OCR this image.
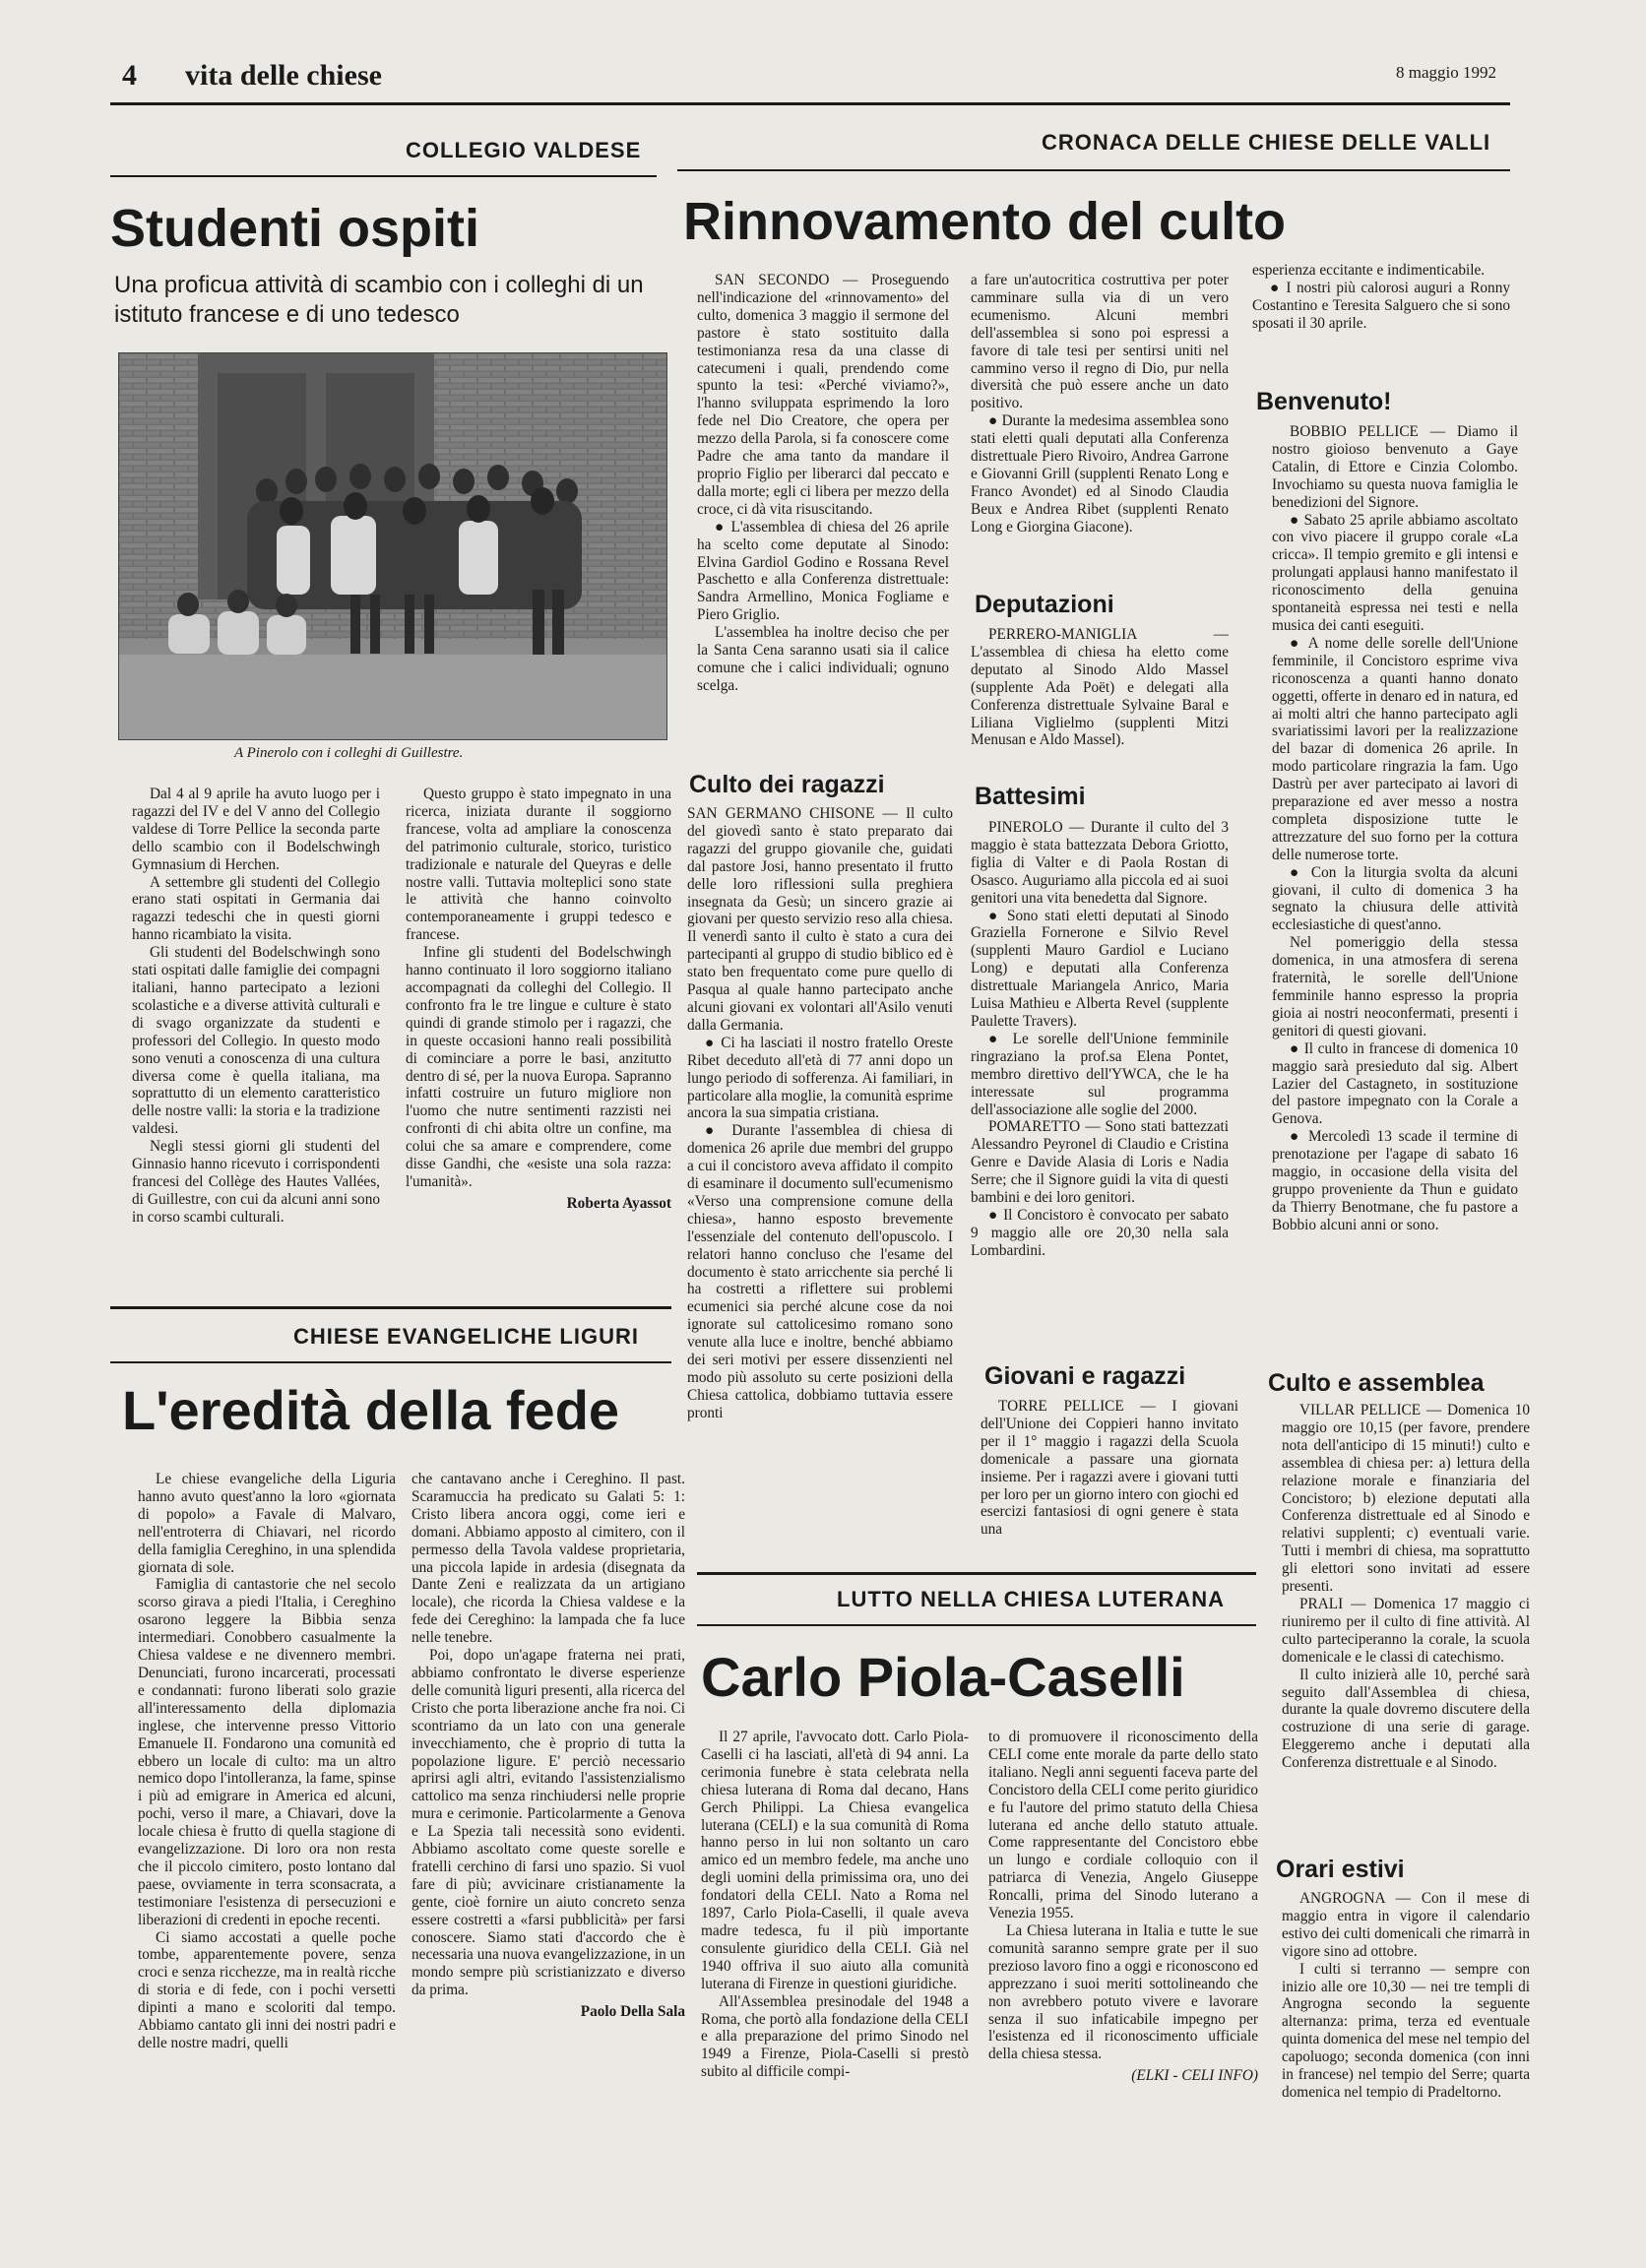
4 vita delle chiese	8 maggio 1992
COLLEGIO VALDESE
Studenti ospiti
Una proficua attività di scambio con i colleghi di un istituto francese e di uno tedesco
A Pinerolo con i colleghi di Guillestre.

Dal 4 al 9 aprile ha avuto luogo per i ragazzi del IV e del V anno del Collegio valdese di Torre Pellice la seconda parte dello scambio con il Bodelschwingh Gymnasium di Herchen.

A settembre gli studenti del Collegio erano stati ospitati in Germania dai ragazzi tedeschi che in questi giorni hanno ricambiato la visita.

Gli studenti del Bodelschwingh sono stati ospitati dalle famiglie dei compagni italiani, hanno partecipato a lezioni scolastiche e a diverse attività culturali e di svago organizzate da studenti e professori del Collegio. In questo modo sono venuti a conoscenza di una cultura diversa come è quella italiana, ma soprattutto di un elemento caratteristico delle nostre valli: la storia e la tradizione valdesi.

Negli stessi giorni gli studenti del Ginnasio hanno ricevuto i corrispondenti francesi del Collège des Hautes Vallées, di Guillestre, con cui da alcuni anni sono in corso scambi culturali.

Questo gruppo è stato impegnato in una ricerca, iniziata durante il soggiorno francese, volta ad ampliare la conoscenza del patrimonio culturale, storico, turistico tradizionale e naturale del Queyras e delle nostre valli. Tuttavia molteplici sono state le attività che hanno coinvolto contemporaneamente i gruppi tedesco e francese.

Infine gli studenti del Bodelschwingh hanno continuato il loro soggiorno italiano accompagnati da colleghi del Collegio. Il confronto fra le tre lingue e culture è stato quindi di grande stimolo per i ragazzi, che in queste occasioni hanno reali possibilità di cominciare a porre le basi, anzitutto dentro di sé, per la nuova Europa. Sapranno infatti costruire un futuro migliore non l'uomo che nutre sentimenti razzisti nei confronti di chi abita oltre un confine, ma colui che sa amare e comprendere, come disse Gandhi, che «esiste una sola razza: l'umanità».

Roberta Ayassot

CHIESE EVANGELICHE LIGURI
L'eredità della fede

Le chiese evangeliche della Liguria hanno avuto quest'anno la loro «giornata di popolo» a Favale di Malvaro, nell'entroterra di Chiavari, nel ricordo della famiglia Cereghino, in una splendida giornata di sole.

Famiglia di cantastorie che nel secolo scorso girava a piedi l'Italia, i Cereghino osarono leggere la Bibbia senza intermediari. Conobbero casualmente la Chiesa valdese e ne divennero membri. Denunciati, furono incarcerati, processati e condannati: furono liberati solo grazie all'interessamento della diplomazia inglese, che intervenne presso Vittorio Emanuele II. Fondarono una comunità ed ebbero un locale di culto: ma un altro nemico dopo l'intolleranza, la fame, spinse i più ad emigrare in America ed alcuni, pochi, verso il mare, a Chiavari, dove la locale chiesa è frutto di quella stagione di evangelizzazione. Di loro ora non resta che il piccolo cimitero, posto lontano dal paese, ovviamente in terra sconsacrata, a testimoniare l'esistenza di persecuzioni e liberazioni di credenti in epoche recenti.

Ci siamo accostati a quelle poche tombe, apparentemente povere, senza croci e senza ricchezze, ma in realtà ricche di storia e di fede, con i pochi versetti dipinti a mano e scoloriti dal tempo. Abbiamo cantato gli inni dei nostri padri e delle nostre madri, quelli

che cantavano anche i Cereghino. Il past. Scaramuccia ha predicato su Galati 5: 1: Cristo libera ancora oggi, come ieri e domani. Abbiamo apposto al cimitero, con il permesso della Tavola valdese proprietaria, una piccola lapide in ardesia (disegnata da Dante Zeni e realizzata da un artigiano locale), che ricorda la Chiesa valdese e la fede dei Cereghino: la lampada che fa luce nelle tenebre.

Poi, dopo un'agape fraterna nei prati, abbiamo confrontato le diverse esperienze delle comunità liguri presenti, alla ricerca del Cristo che porta liberazione anche fra noi. Ci scontriamo da un lato con una generale invecchiamento, che è proprio di tutta la popolazione ligure. E' perciò necessario aprirsi agli altri, evitando l'assistenzialismo cattolico ma senza rinchiudersi nelle proprie mura e cerimonie. Particolarmente a Genova e La Spezia tali necessità sono evidenti. Abbiamo ascoltato come queste sorelle e fratelli cerchino di farsi uno spazio. Si vuol fare di più; avvicinare cristianamente la gente, cioè fornire un aiuto concreto senza essere costretti a «farsi pubblicità» per farsi conoscere. Siamo stati d'accordo che è necessaria una nuova evangelizzazione, in un mondo sempre più scristianizzato e diverso da prima.

Paolo Della Sala

CRONACA DELLE CHIESE DELLE VALLI
Rinnovamento del culto

SAN SECONDO — Proseguendo nell'indicazione del «rinnovamento» del culto, domenica 3 maggio il sermone del pastore è stato sostituito dalla testimonianza resa da una classe di catecumeni i quali, prendendo come spunto la tesi: «Perché viviamo?», l'hanno sviluppata esprimendo la loro fede nel Dio Creatore, che opera per mezzo della Parola, si fa conoscere come Padre che ama tanto da mandare il proprio Figlio per liberarci dal peccato e dalla morte; egli ci libera per mezzo della croce, ci dà vita risuscitando.

● L'assemblea di chiesa del 26 aprile ha scelto come deputate al Sinodo: Elvina Gardiol Godino e Rossana Revel Paschetto e alla Conferenza distrettuale: Sandra Armellino, Monica Fogliame e Piero Griglio.

L'assemblea ha inoltre deciso che per la Santa Cena saranno usati sia il calice comune che i calici individuali; ognuno scelga.

Culto dei ragazzi

SAN GERMANO CHISONE — Il culto del giovedì santo è stato preparato dai ragazzi del gruppo giovanile che, guidati dal pastore Josi, hanno presentato il frutto delle loro riflessioni sulla preghiera insegnata da Gesù; un sincero grazie ai giovani per questo servizio reso alla chiesa. Il venerdì santo il culto è stato a cura dei partecipanti al gruppo di studio biblico ed è stato ben frequentato come pure quello di Pasqua al quale hanno partecipato anche alcuni giovani ex volontari all'Asilo venuti dalla Germania.

● Ci ha lasciati il nostro fratello Oreste Ribet deceduto all'età di 77 anni dopo un lungo periodo di sofferenza. Ai familiari, in particolare alla moglie, la comunità esprime ancora la sua simpatia cristiana.

● Durante l'assemblea di chiesa di domenica 26 aprile due membri del gruppo a cui il concistoro aveva affidato il compito di esaminare il documento sull'ecumenismo «Verso una comprensione comune della chiesa», hanno esposto brevemente l'essenziale del contenuto dell'opuscolo. I relatori hanno concluso che l'esame del documento è stato arricchente sia perché li ha costretti a riflettere sui problemi ecumenici sia perché alcune cose da noi ignorate sul cattolicesimo romano sono venute alla luce e inoltre, benché abbiamo dei seri motivi per essere dissenzienti nel modo più assoluto su certe posizioni della Chiesa cattolica, dobbiamo tuttavia essere pronti

a fare un'autocritica costruttiva per poter camminare sulla via di un vero ecumenismo. Alcuni membri dell'assemblea si sono poi espressi a favore di tale tesi per sentirsi uniti nel cammino verso il regno di Dio, pur nella diversità che può essere anche un dato positivo.

● Durante la medesima assemblea sono stati eletti quali deputati alla Conferenza distrettuale Piero Rivoiro, Andrea Garrone e Giovanni Grill (supplenti Renato Long e Franco Avondet) ed al Sinodo Claudia Beux e Andrea Ribet (supplenti Renato Long e Giorgina Giacone).

Deputazioni

PERRERO-MANIGLIA — L'assemblea di chiesa ha eletto come deputato al Sinodo Aldo Massel (supplente Ada Poët) e delegati alla Conferenza distrettuale Sylvaine Baral e Liliana Viglielmo (supplenti Mitzi Menusan e Aldo Massel).

Battesimi

PINEROLO — Durante il culto del 3 maggio è stata battezzata Debora Griotto, figlia di Valter e di Paola Rostan di Osasco. Auguriamo alla piccola ed ai suoi genitori una vita benedetta dal Signore.

● Sono stati eletti deputati al Sinodo Graziella Fornerone e Silvio Revel (supplenti Mauro Gardiol e Luciano Long) e deputati alla Conferenza distrettuale Mariangela Anrico, Maria Luisa Mathieu e Alberta Revel (supplente Paulette Travers).

● Le sorelle dell'Unione femminile ringraziano la prof.sa Elena Pontet, membro direttivo dell'YWCA, che le ha interessate sul programma dell'associazione alle soglie del 2000.

POMARETTO — Sono stati battezzati Alessandro Peyronel di Claudio e Cristina Genre e Davide Alasia di Loris e Nadia Serre; che il Signore guidi la vita di questi bambini e dei loro genitori.

● Il Concistoro è convocato per sabato 9 maggio alle ore 20,30 nella sala Lombardini.

Giovani e ragazzi

TORRE PELLICE — I giovani dell'Unione dei Coppieri hanno invitato per il 1° maggio i ragazzi della Scuola domenicale a passare una giornata insieme. Per i ragazzi avere i giovani tutti per loro per un giorno intero con giochi ed esercizi fantasiosi di ogni genere è stata una

esperienza eccitante e indimenticabile.

● I nostri più calorosi auguri a Ronny Costantino e Teresita Salguero che si sono sposati il 30 aprile.

Benvenuto!

BOBBIO PELLICE — Diamo il nostro gioioso benvenuto a Gaye Catalin, di Ettore e Cinzia Colombo. Invochiamo su questa nuova famiglia le benedizioni del Signore.

● Sabato 25 aprile abbiamo ascoltato con vivo piacere il gruppo corale «La cricca». Il tempio gremito e gli intensi e prolungati applausi hanno manifestato il riconoscimento della genuina spontaneità espressa nei testi e nella musica dei canti eseguiti.

● A nome delle sorelle dell'Unione femminile, il Concistoro esprime viva riconoscenza a quanti hanno donato oggetti, offerte in denaro ed in natura, ed ai molti altri che hanno partecipato agli svariatissimi lavori per la realizzazione del bazar di domenica 26 aprile. In modo particolare ringrazia la fam. Ugo Dastrù per aver partecipato ai lavori di preparazione ed aver messo a nostra completa disposizione tutte le attrezzature del suo forno per la cottura delle numerose torte.

● Con la liturgia svolta da alcuni giovani, il culto di domenica 3 ha segnato la chiusura delle attività ecclesiastiche di quest'anno.

Nel pomeriggio della stessa domenica, in una atmosfera di serena fraternità, le sorelle dell'Unione femminile hanno espresso la propria gioia ai nostri neoconfermati, presenti i genitori di questi giovani.

● Il culto in francese di domenica 10 maggio sarà presieduto dal sig. Albert Lazier del Castagneto, in sostituzione del pastore impegnato con la Corale a Genova.

● Mercoledì 13 scade il termine di prenotazione per l'agape di sabato 16 maggio, in occasione della visita del gruppo proveniente da Thun e guidato da Thierry Benotmane, che fu pastore a Bobbio alcuni anni or sono.

Culto e assemblea

VILLAR PELLICE — Domenica 10 maggio ore 10,15 (per favore, prendere nota dell'anticipo di 15 minuti!) culto e assemblea di chiesa per: a) lettura della relazione morale e finanziaria del Concistoro; b) elezione deputati alla Conferenza distrettuale ed al Sinodo e relativi supplenti; c) eventuali varie. Tutti i membri di chiesa, ma soprattutto gli elettori sono invitati ad essere presenti.

PRALI — Domenica 17 maggio ci riuniremo per il culto di fine attività. Al culto parteciperanno la corale, la scuola domenicale e le classi di catechismo.

Il culto inizierà alle 10, perché sarà seguito dall'Assemblea di chiesa, durante la quale dovremo discutere della costruzione di una serie di garage. Eleggeremo anche i deputati alla Conferenza distrettuale e al Sinodo.

Orari estivi

ANGROGNA — Con il mese di maggio entra in vigore il calendario estivo dei culti domenicali che rimarrà in vigore sino ad ottobre.

I culti si terranno — sempre con inizio alle ore 10,30 — nei tre templi di Angrogna secondo la seguente alternanza: prima, terza ed eventuale quinta domenica del mese nel tempio del capoluogo; seconda domenica (con inni in francese) nel tempio del Serre; quarta domenica nel tempio di Pradeltorno.

LUTTO NELLA CHIESA LUTERANA
Carlo Piola-Caselli

Il 27 aprile, l'avvocato dott. Carlo Piola-Caselli ci ha lasciati, all'età di 94 anni. La cerimonia funebre è stata celebrata nella chiesa luterana di Roma dal decano, Hans Gerch Philippi. La Chiesa evangelica luterana (CELI) e la sua comunità di Roma hanno perso in lui non soltanto un caro amico ed un membro fedele, ma anche uno degli uomini della primissima ora, uno dei fondatori della CELI. Nato a Roma nel 1897, Carlo Piola-Caselli, il quale aveva madre tedesca, fu il più importante consulente giuridico della CELI. Già nel 1940 offriva il suo aiuto alla comunità luterana di Firenze in questioni giuridiche.

All'Assemblea presinodale del 1948 a Roma, che portò alla fondazione della CELI e alla preparazione del primo Sinodo nel 1949 a Firenze, Piola-Caselli si prestò subito al difficile compi-

to di promuovere il riconoscimento della CELI come ente morale da parte dello stato italiano. Negli anni seguenti faceva parte del Concistoro della CELI come perito giuridico e fu l'autore del primo statuto della Chiesa luterana ed anche dello statuto attuale. Come rappresentante del Concistoro ebbe un lungo e cordiale colloquio con il patriarca di Venezia, Angelo Giuseppe Roncalli, prima del Sinodo luterano a Venezia 1955.

La Chiesa luterana in Italia e tutte le sue comunità saranno sempre grate per il suo prezioso lavoro fino a oggi e riconoscono ed apprezzano i suoi meriti sottolineando che non avrebbero potuto vivere e lavorare senza il suo infaticabile impegno per l'esistenza ed il riconoscimento ufficiale della chiesa stessa.

(ELKI - CELI INFO)
